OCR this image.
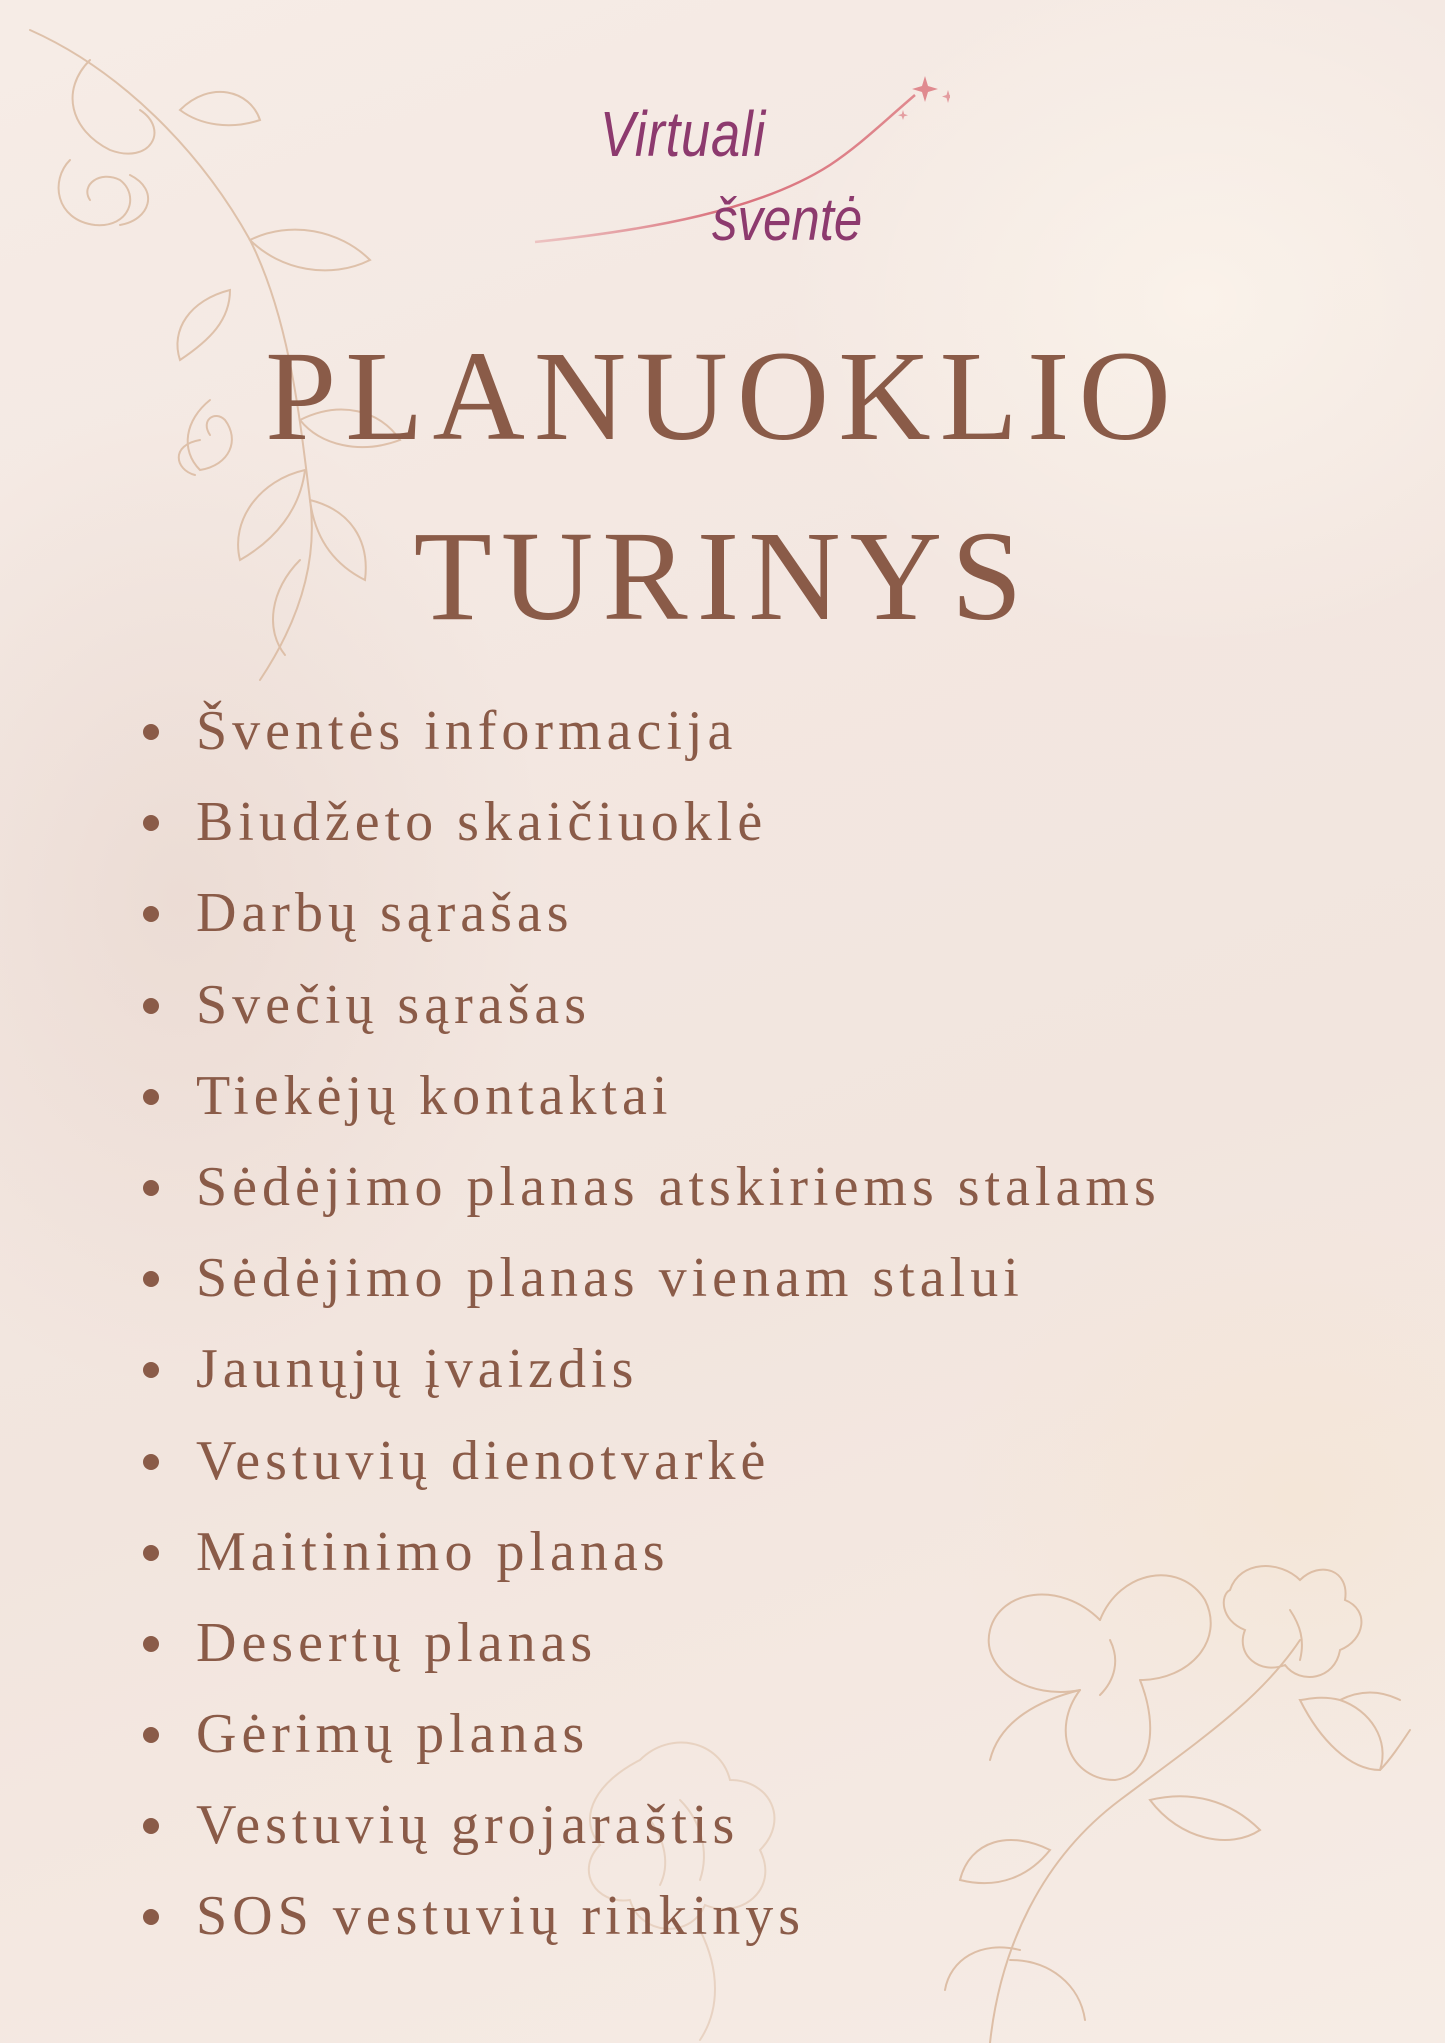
Virtuali
šventė
PLANUOKLIO
TURINYS
Šventės informacija
Biudžeto skaičiuoklė
Darbų sąrašas
Svečių sąrašas
Tiekėjų kontaktai
Sėdėjimo planas atskiriems stalams
Sėdėjimo planas vienam stalui
Jaunųjų įvaizdis
Vestuvių dienotvarkė
Maitinimo planas
Desertų planas
Gėrimų planas
Vestuvių grojaraštis
SOS vestuvių rinkinys
